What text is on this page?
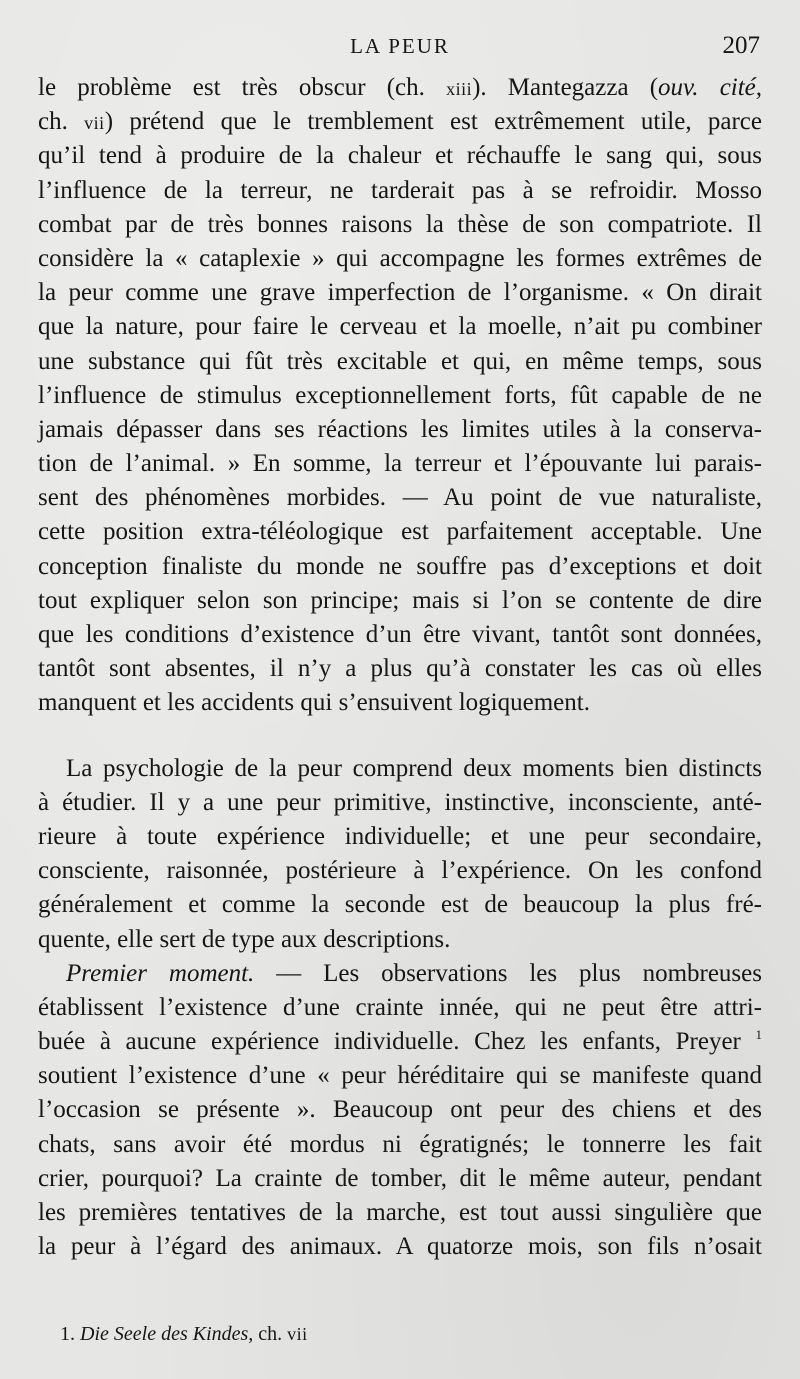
LA PEUR	207
le problème est très obscur (ch. xiii). Mantegazza (ouv. cité,
ch. vii) prétend que le tremblement est extrêmement utile, parce
qu’il tend à produire de la chaleur et réchauffe le sang qui, sous
l’influence de la terreur, ne tarderait pas à se refroidir. Mosso
combat par de très bonnes raisons la thèse de son compatriote. Il
considère la « cataplexie » qui accompagne les formes extrêmes de
la peur comme une grave imperfection de l’organisme. « On dirait
que la nature, pour faire le cerveau et la moelle, n’ait pu combiner
une substance qui fût très excitable et qui, en même temps, sous
l’influence de stimulus exceptionnellement forts, fût capable de ne
jamais dépasser dans ses réactions les limites utiles à la conserva-
tion de l’animal. » En somme, la terreur et l’épouvante lui parais-
sent des phénomènes morbides. — Au point de vue naturaliste,
cette position extra-téléologique est parfaitement acceptable. Une
conception finaliste du monde ne souffre pas d’exceptions et doit
tout expliquer selon son principe; mais si l’on se contente de dire
que les conditions d’existence d’un être vivant, tantôt sont données,
tantôt sont absentes, il n’y a plus qu’à constater les cas où elles
manquent et les accidents qui s’ensuivent logiquement.
La psychologie de la peur comprend deux moments bien distincts
à étudier. Il y a une peur primitive, instinctive, inconsciente, anté-
rieure à toute expérience individuelle; et une peur secondaire,
consciente, raisonnée, postérieure à l’expérience. On les confond
généralement et comme la seconde est de beaucoup la plus fré-
quente, elle sert de type aux descriptions.
Premier moment. — Les observations les plus nombreuses
établissent l’existence d’une crainte innée, qui ne peut être attri-
buée à aucune expérience individuelle. Chez les enfants, Preyer $^1$
soutient l’existence d’une « peur héréditaire qui se manifeste quand
l’occasion se présente ». Beaucoup ont peur des chiens et des
chats, sans avoir été mordus ni égratignés; le tonnerre les fait
crier, pourquoi? La crainte de tomber, dit le même auteur, pendant
les premières tentatives de la marche, est tout aussi singulière que
la peur à l’égard des animaux. A quatorze mois, son fils n’osait
1. Die Seele des Kindes, ch. vii
